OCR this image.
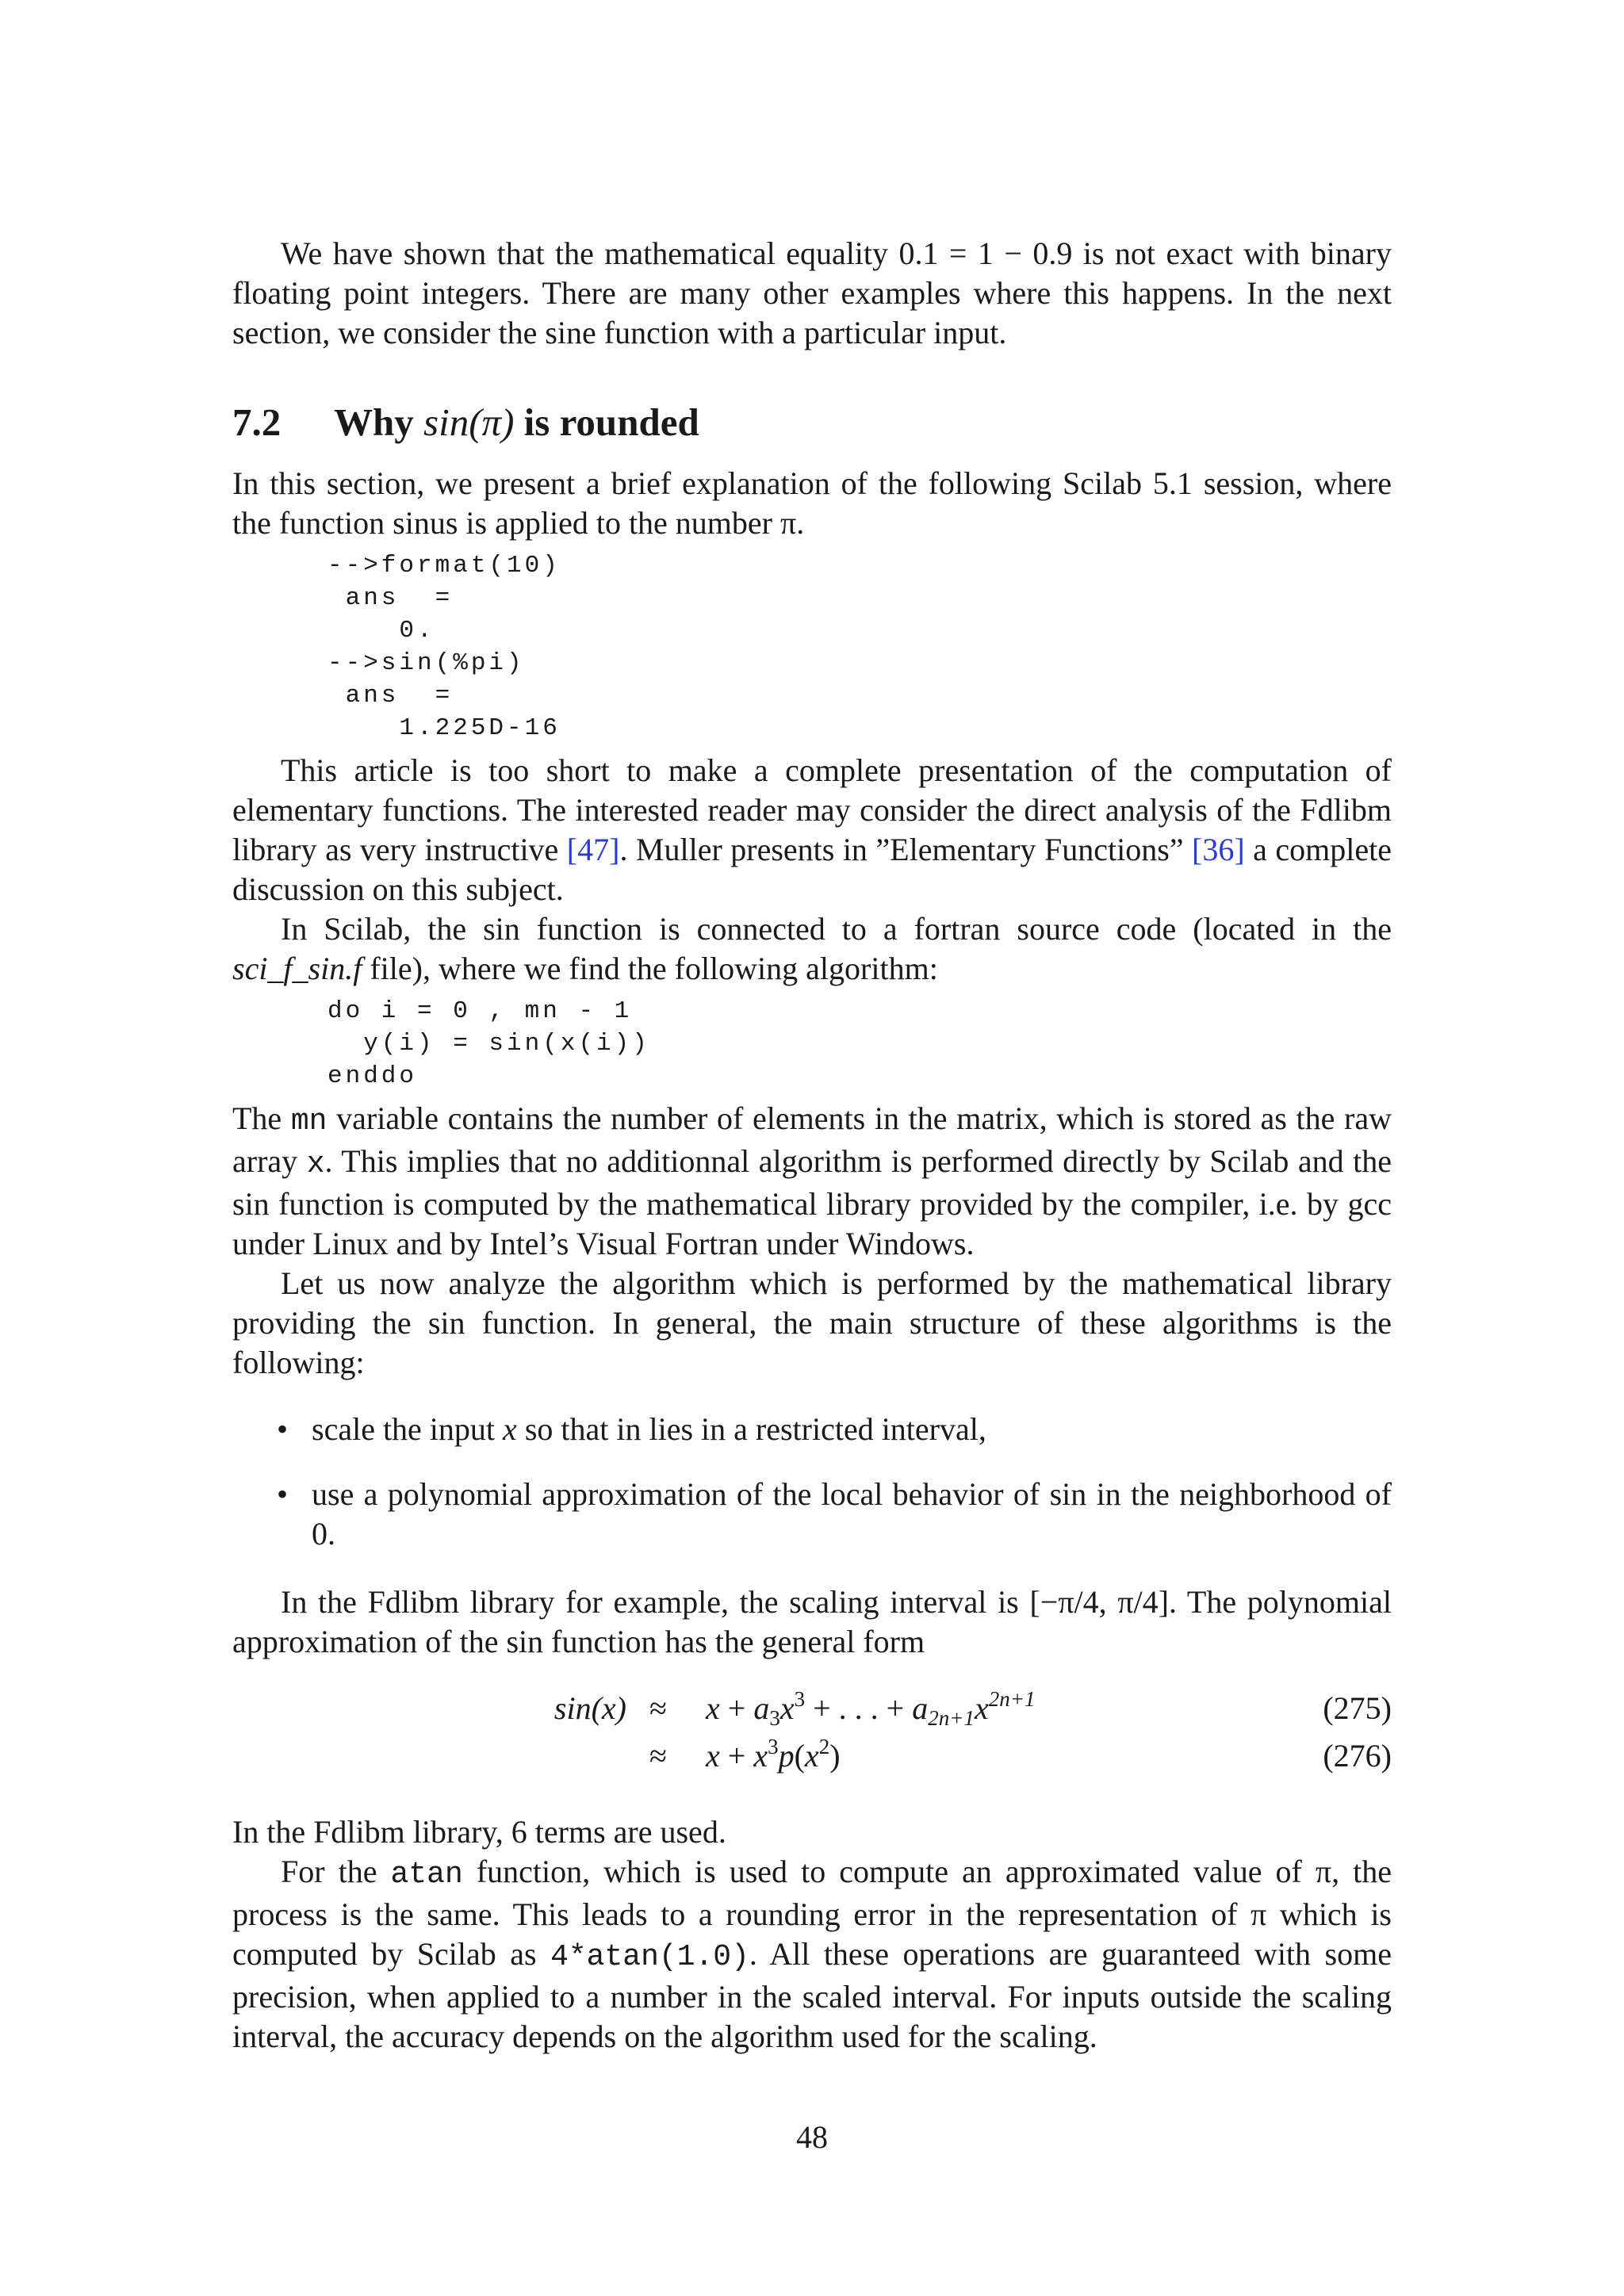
We have shown that the mathematical equality 0.1 = 1 − 0.9 is not exact with binary floating point integers. There are many other examples where this happens. In the next section, we consider the sine function with a particular input.

7.2 Why sin(π) is rounded

In this section, we present a brief explanation of the following Scilab 5.1 session, where the function sinus is applied to the number π.

-->format(10)
ans  =
0.
-->sin(%pi)
ans  =
1.225D-16

This article is too short to make a complete presentation of the computation of elementary functions. The interested reader may consider the direct analysis of the Fdlibm library as very instructive [47]. Muller presents in ”Elementary Functions” [36] a complete discussion on this subject.

In Scilab, the sin function is connected to a fortran source code (located in the sci_f_sin.f file), where we find the following algorithm:

do i = 0 , mn - 1
y(i) = sin(x(i))
enddo

The mn variable contains the number of elements in the matrix, which is stored as the raw array x. This implies that no additionnal algorithm is performed directly by Scilab and the sin function is computed by the mathematical library provided by the compiler, i.e. by gcc under Linux and by Intel’s Visual Fortran under Windows.

Let us now analyze the algorithm which is performed by the mathematical library providing the sin function. In general, the main structure of these algorithms is the following:

• scale the input x so that in lies in a restricted interval,
• use a polynomial approximation of the local behavior of sin in the neighborhood of 0.

In the Fdlibm library for example, the scaling interval is [−π/4, π/4]. The polynomial approximation of the sin function has the general form

$\sin(x) \approx x + a_3x^3$ + . . . + $a_{2n+1}x^{2n+1}$	(275)
≈ $x + x^3p(x^2)$	(276)

In the Fdlibm library, 6 terms are used.

For the atan function, which is used to compute an approximated value of π, the process is the same. This leads to a rounding error in the representation of π which is computed by Scilab as 4*atan(1.0). All these operations are guaranteed with some precision, when applied to a number in the scaled interval. For inputs outside the scaling interval, the accuracy depends on the algorithm used for the scaling.

48
